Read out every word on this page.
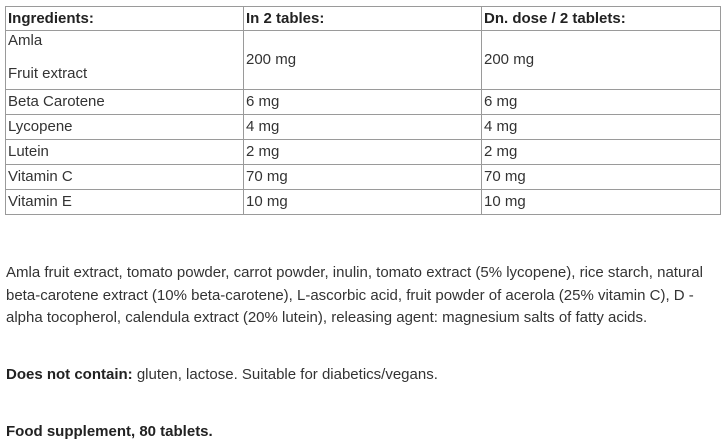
Ingredients:	In 2 tables:	Dn. dose / 2 tablets:

Amla
Fruit extract	200 mg	200 mg
Beta Carotene	6 mg	6 mg
Lycopene	4 mg	4 mg
Lutein	2 mg	2 mg
Vitamin C	70 mg	70 mg
Vitamin E	10 mg	10 mg

Amla fruit extract, tomato powder, carrot powder, inulin, tomato extract (5% lycopene), rice starch, natural beta-carotene extract (10% beta-carotene), L-ascorbic acid, fruit powder of acerola (25% vitamin C), D - alpha tocopherol, calendula extract (20% lutein), releasing agent: magnesium salts of fatty acids.

Does not contain: gluten, lactose. Suitable for diabetics/vegans.

Food supplement, 80 tablets.
